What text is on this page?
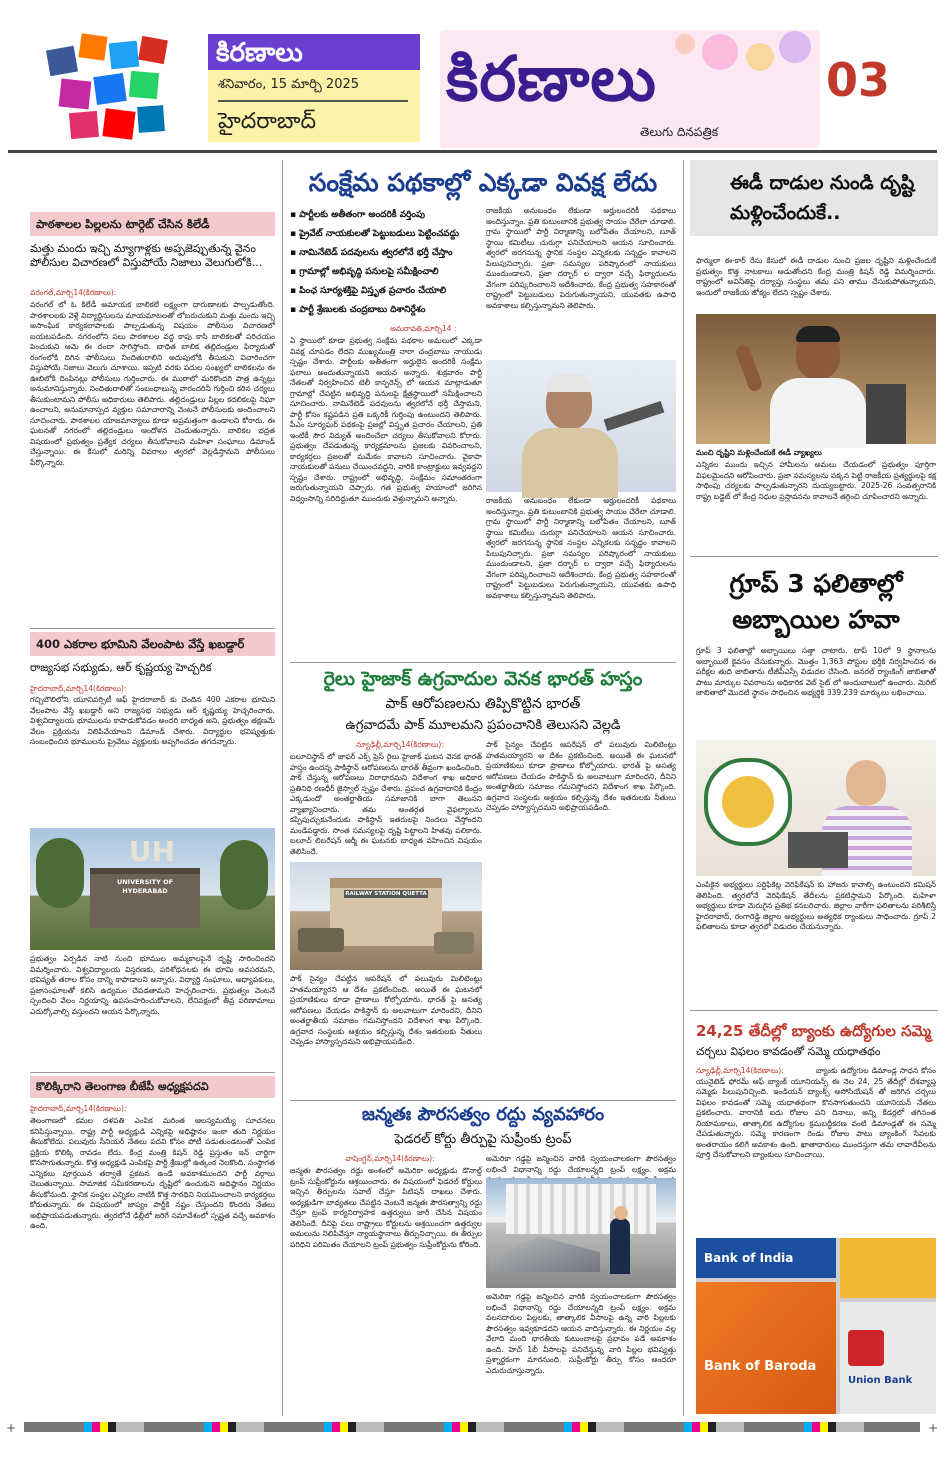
కిరణాలు
శనివారం, 15 మార్చి 2025
హైదరాబాద్
కిరణాలు
తెలుగు దినపత్రిక
03
పాఠశాలల పిల్లలను టార్గెట్ చేసిన కిలేడీ
మత్తు మందు ఇచ్చి మ్యాగాళ్లకు అప్పజెప్పుతున్న వైనం పోలీసుల విచారణలో విస్తుపోయే నిజాలు వెలుగులోకి...
వరంగల్,మార్చి14(కిరణాలు):
వరంగల్ లో ఓ కిలేడీ అమాయక బాలికలే లక్ష్యంగా దారుణాలకు పాల్పడుతోంది. పాఠశాలలకు వెళ్లే విద్యార్థినులను మాయమాటలతో లోబరుచుకుని మత్తు మందు ఇచ్చి అసాంఘిక కార్యకలాపాలకు పాల్పడుతున్న విషయం పోలీసుల విచారణలో బయటపడింది. నగరంలోని పలు పాఠశాలల వద్ద కాపు కాసి బాలికలతో పరిచయం పెంచుకుని ఆమె ఈ దందా సాగిస్తోంది. బాధిత బాలిక తల్లిదండ్రుల ఫిర్యాదుతో రంగంలోకి దిగిన పోలీసులు నిందితురాలిని అదుపులోకి తీసుకుని విచారించగా విస్తుపోయే నిజాలు వెలుగు చూశాయి. ఇప్పటి వరకు పదుల సంఖ్యలో బాలికలను ఈ ఊబిలోకి దింపినట్లు పోలీసులు గుర్తించారు. ఈ ముఠాలో మరికొందరి పాత్ర ఉన్నట్లు అనుమానిస్తున్నారు. నిందితురాలితో సంబంధాలున్న వారందరినీ గుర్తించి కఠిన చర్యలు తీసుకుంటామని పోలీసు అధికారులు తెలిపారు. తల్లిదండ్రులు పిల్లల కదలికలపై నిఘా ఉంచాలని, అనుమానాస్పద వ్యక్తుల సమాచారాన్ని వెంటనే పోలీసులకు అందించాలని సూచించారు. పాఠశాలల యాజమాన్యాలు కూడా అప్రమత్తంగా ఉండాలని కోరారు. ఈ ఘటనతో నగరంలో తల్లిదండ్రులు ఆందోళన చెందుతున్నారు. బాలికల భద్రత విషయంలో ప్రభుత్వం ప్రత్యేక చర్యలు తీసుకోవాలని మహిళా సంఘాలు డిమాండ్ చేస్తున్నాయి. ఈ కేసులో మరిన్ని వివరాలు త్వరలో వెల్లడిస్తామని పోలీసులు పేర్కొన్నారు.
400 ఎకరాల భూమిని వేలంపాట వేస్తే ఖబడ్దార్
రాజ్యసభ సభ్యుడు, ఆర్ కృష్ణయ్య హెచ్చరిక
హైదరాబాద్,మార్చి14(కిరణాలు):
గచ్చిబౌలిలోని యూనివర్సిటీ ఆఫ్ హైదరాబాద్ కు చెందిన 400 ఎకరాల భూమిని వేలంపాట వేస్తే ఖబడ్దార్ అని రాజ్యసభ సభ్యుడు ఆర్ కృష్ణయ్య హెచ్చరించారు. విశ్వవిద్యాలయ భూములను కాపాడుకోవడం అందరి బాధ్యత అని, ప్రభుత్వం తక్షణమే వేలం ప్రక్రియను నిలిపివేయాలని డిమాండ్ చేశారు. విద్యార్థుల భవిష్యత్తుకు సంబంధించిన భూములను ప్రైవేటు వ్యక్తులకు అప్పగించడం తగదన్నారు.
UNIVERSITY OF HYDERABAD
UH
ప్రభుత్వం ఏర్పడిన నాటి నుంచి భూముల అమ్మకాలపైనే దృష్టి సారించిందని విమర్శించారు. విశ్వవిద్యాలయ విస్తరణకు, పరిశోధనలకు ఈ భూమి అవసరమని, భవిష్యత్ తరాల కోసం దాన్ని కాపాడాలని అన్నారు. విద్యార్థి సంఘాలు, అధ్యాపకులు, ప్రజాసంఘాలతో కలిసి ఉద్యమం చేపడతామని హెచ్చరించారు. ప్రభుత్వం వెంటనే స్పందించి వేలం నిర్ణయాన్ని ఉపసంహరించుకోవాలని, లేనిపక్షంలో తీవ్ర పరిణామాలు ఎదుర్కోవాల్సి వస్తుందని ఆయన పేర్కొన్నారు.
కొలిక్కిరాని తెలంగాణ బీజేపీ అధ్యక్షపదవి
హైదరాబాద్,మార్చి14(కిరణాలు):
తెలంగాణలో కమల దళపతి ఎంపిక మరింత ఆలస్యమయ్యే సూచనలు కనిపిస్తున్నాయి. రాష్ట్ర పార్టీ అధ్యక్షుడి ఎన్నికపై అధిష్ఠానం ఇంకా తుది నిర్ణయం తీసుకోలేదు. పలువురు సీనియర్ నేతలు పదవి కోసం పోటీ పడుతుండటంతో ఎంపిక ప్రక్రియ కొలిక్కి రావడం లేదు. కేంద్ర మంత్రి కిషన్ రెడ్డి ప్రస్తుతం ఇన్ చార్జిగా కొనసాగుతున్నారు. కొత్త అధ్యక్షుడి ఎంపికపై పార్టీ శ్రేణుల్లో ఉత్కంఠ నెలకొంది. సంస్థాగత ఎన్నికలు పూర్తయిన తర్వాతే ప్రకటన ఉండే అవకాశముందని పార్టీ వర్గాలు చెబుతున్నాయి. సామాజిక సమీకరణాలను దృష్టిలో ఉంచుకుని అధిష్ఠానం నిర్ణయం తీసుకోనుంది. స్థానిక సంస్థల ఎన్నికల నాటికి కొత్త సారథిని నియమించాలని కార్యకర్తలు కోరుతున్నారు. ఈ విషయంలో జాప్యం పార్టీకి నష్టం చేస్తుందని కొందరు నేతలు అభిప్రాయపడుతున్నారు. త్వరలోనే ఢిల్లీలో జరిగే సమావేశంలో స్పష్టత వచ్చే అవకాశం ఉంది.
సంక్షేమ పథకాల్లో ఎక్కడా వివక్ష లేదు
▪ పార్టీలకు అతీతంగా అందరికీ వర్తింపు
▪ ప్రైవేట్ నాయకులతో పెట్టుబడులు పెట్టించవద్దు
▪ నామినేటెడ్ పదవులను త్వరలోనే భర్తీ చేస్తాం
▪ గ్రామాల్లో అభివృద్ధి పనులపై సమీక్షించాలి
▪ పింఛ సూర్యశక్తిపై విస్తృత ప్రచారం చేయాలి
▪ పార్టీ శ్రేణులకు చంద్రబాబు దిశానిర్దేశం
రాజకీయ అనుబంధం లేకుండా అర్హులందరికీ పథకాలు అందిస్తున్నాం. ప్రతి కుటుంబానికి ప్రభుత్వ సాయం చేరేలా చూడాలి. గ్రామ స్థాయిలో పార్టీ నిర్మాణాన్ని బలోపేతం చేయాలని, బూత్ స్థాయి కమిటీలు చురుగ్గా పనిచేయాలని ఆయన సూచించారు. త్వరలో జరగనున్న స్థానిక సంస్థల ఎన్నికలకు సన్నద్ధం కావాలని పిలుపునిచ్చారు. ప్రజా సమస్యల పరిష్కారంలో నాయకులు ముందుండాలని, ప్రజా దర్బార్ ల ద్వారా వచ్చే ఫిర్యాదులను వేగంగా పరిష్కరించాలని ఆదేశించారు. కేంద్ర ప్రభుత్వ సహకారంతో రాష్ట్రంలో పెట్టుబడులు పెరుగుతున్నాయని, యువతకు ఉపాధి అవకాశాలు కల్పిస్తున్నామని తెలిపారు.
అమరావతి,మార్చి14 :
ఏ స్థాయిలో కూడా ప్రభుత్వ సంక్షేమ పథకాల అమలులో ఎక్కడా వివక్ష చూపడం లేదని ముఖ్యమంత్రి నారా చంద్రబాబు నాయుడు స్పష్టం చేశారు. పార్టీలకు అతీతంగా అర్హులైన అందరికీ సంక్షేమ ఫలాలు అందుతున్నాయని ఆయన అన్నారు. శుక్రవారం పార్టీ నేతలతో నిర్వహించిన టెలీ కాన్ఫరెన్స్ లో ఆయన మాట్లాడుతూ గ్రామాల్లో చేపట్టిన అభివృద్ధి పనులపై క్షేత్రస్థాయిలో సమీక్షించాలని సూచించారు. నామినేటెడ్ పదవులను త్వరలోనే భర్తీ చేస్తామని, పార్టీ కోసం కష్టపడిన ప్రతి ఒక్కరికీ గుర్తింపు ఉంటుందని తెలిపారు. పీఎం సూర్యఘర్ పథకంపై ప్రజల్లో విస్తృత ప్రచారం చేయాలని, ప్రతి ఇంటికీ సౌర విద్యుత్ అందించేలా చర్యలు తీసుకోవాలని కోరారు. ప్రభుత్వం చేపడుతున్న కార్యక్రమాలను ప్రజలకు వివరించాలని, కార్యకర్తలు ప్రజలతో మమేకం కావాలని సూచించారు. వైకాపా నాయకులతో పనులు చేయించవద్దని, వారికి కాంట్రాక్టులు ఇవ్వవద్దని స్పష్టం చేశారు. రాష్ట్రంలో అభివృద్ధి, సంక్షేమం సమాంతరంగా జరుగుతున్నాయని చెప్పారు. గత ప్రభుత్వ హయాంలో జరిగిన విధ్వంసాన్ని సరిదిద్దుతూ ముందుకు వెళ్తున్నామని అన్నారు.	రాజకీయ అనుబంధం లేకుండా అర్హులందరికీ పథకాలు అందిస్తున్నాం. ప్రతి కుటుంబానికి ప్రభుత్వ సాయం చేరేలా చూడాలి. గ్రామ స్థాయిలో పార్టీ నిర్మాణాన్ని బలోపేతం చేయాలని, బూత్ స్థాయి కమిటీలు చురుగ్గా పనిచేయాలని ఆయన సూచించారు. త్వరలో జరగనున్న స్థానిక సంస్థల ఎన్నికలకు సన్నద్ధం కావాలని పిలుపునిచ్చారు. ప్రజా సమస్యల పరిష్కారంలో నాయకులు ముందుండాలని, ప్రజా దర్బార్ ల ద్వారా వచ్చే ఫిర్యాదులను వేగంగా పరిష్కరించాలని ఆదేశించారు. కేంద్ర ప్రభుత్వ సహకారంతో రాష్ట్రంలో పెట్టుబడులు పెరుగుతున్నాయని, యువతకు ఉపాధి అవకాశాలు కల్పిస్తున్నామని తెలిపారు.
రైలు హైజాక్ ఉగ్రవాదుల వెనక భారత్ హస్తం
పాక్ ఆరోపణలను తిప్పికొట్టిన భారత్
ఉగ్రవాదమే పాక్ మూలమని ప్రపంచానికి తెలుసని వెల్లడి
న్యూఢిల్లీ,మార్చి14(కిరణాలు):
బలూచిస్థాన్ లో జాఫర్ ఎక్స్ ప్రెస్ రైలు హైజాక్ ఘటన వెనక భారత్ హస్తం ఉందన్న పాకిస్థాన్ ఆరోపణలను భారత్ తీవ్రంగా ఖండించింది. పాక్ చేస్తున్న ఆరోపణలు నిరాధారమని విదేశాంగ శాఖ అధికార ప్రతినిధి రణధీర్ జైస్వాల్ స్పష్టం చేశారు. ప్రపంచ ఉగ్రవాదానికి కేంద్రం ఎక్కడుందో అంతర్జాతీయ సమాజానికి బాగా తెలుసని వ్యాఖ్యానించారు. తమ అంతర్గత వైఫల్యాలను కప్పిపుచ్చుకునేందుకు పాకిస్థాన్ ఇతరులపై నిందలు వేస్తోందని మండిపడ్డారు. సొంత సమస్యలపై దృష్టి పెట్టాలని హితవు పలికారు. బలూచ్ లిబరేషన్ ఆర్మీ ఈ ఘటనకు బాధ్యత వహించిన విషయం తెలిసిందే.
పాక్ సైన్యం చేపట్టిన ఆపరేషన్ లో పలువురు మిలిటెంట్లు హతమయ్యారని ఆ దేశం ప్రకటించింది. అయితే ఈ ఘటనలో ప్రయాణికులు కూడా ప్రాణాలు కోల్పోయారు. భారత్ పై అసత్య ఆరోపణలు చేయడం పాకిస్థాన్ కు అలవాటుగా మారిందని, దీనిని అంతర్జాతీయ సమాజం గమనిస్తోందని విదేశాంగ శాఖ పేర్కొంది. ఉగ్రవాద సంస్థలకు ఆశ్రయం కల్పిస్తున్న దేశం ఇతరులకు నీతులు చెప్పడం హాస్యాస్పదమని అభిప్రాయపడింది.
RAILWAY STATION QUETTA
పాక్ సైన్యం చేపట్టిన ఆపరేషన్ లో పలువురు మిలిటెంట్లు హతమయ్యారని ఆ దేశం ప్రకటించింది. అయితే ఈ ఘటనలో ప్రయాణికులు కూడా ప్రాణాలు కోల్పోయారు. భారత్ పై అసత్య ఆరోపణలు చేయడం పాకిస్థాన్ కు అలవాటుగా మారిందని, దీనిని అంతర్జాతీయ సమాజం గమనిస్తోందని విదేశాంగ శాఖ పేర్కొంది. ఉగ్రవాద సంస్థలకు ఆశ్రయం కల్పిస్తున్న దేశం ఇతరులకు నీతులు చెప్పడం హాస్యాస్పదమని అభిప్రాయపడింది.
జన్మతః పౌరసత్వం రద్దు వ్యవహారం
ఫెడరల్ కోర్టు తీర్పుపై సుప్రీంకు ట్రంప్
వాషింగ్టన్,మార్చి14(కిరణాలు):
జన్మతః పౌరసత్వం రద్దు అంశంలో అమెరికా అధ్యక్షుడు డొనాల్డ్ ట్రంప్ సుప్రీంకోర్టును ఆశ్రయించారు. ఈ విషయంలో ఫెడరల్ కోర్టులు ఇచ్చిన తీర్పులను సవాల్ చేస్తూ పిటిషన్ దాఖలు చేశారు. అధ్యక్షుడిగా బాధ్యతలు చేపట్టిన వెంటనే జన్మతః పౌరసత్వాన్ని రద్దు చేస్తూ ట్రంప్ కార్యనిర్వాహక ఉత్తర్వులు జారీ చేసిన విషయం తెలిసిందే. దీనిపై పలు రాష్ట్రాలు కోర్టులను ఆశ్రయించగా ఉత్తర్వుల అమలును నిలిపివేస్తూ న్యాయస్థానాలు తీర్పునిచ్చాయి. ఈ తీర్పుల పరిధిని పరిమితం చేయాలని ట్రంప్ ప్రభుత్వం సుప్రీంకోర్టును కోరింది.
అమెరికా గడ్డపై జన్మించిన వారికి స్వయంచాలకంగా పౌరసత్వం లభించే విధానాన్ని రద్దు చేయాలన్నది ట్రంప్ లక్ష్యం. అక్రమ
అమెరికా గడ్డపై జన్మించిన వారికి స్వయంచాలకంగా పౌరసత్వం లభించే విధానాన్ని రద్దు చేయాలన్నది ట్రంప్ లక్ష్యం. అక్రమ వలసదారుల పిల్లలకు, తాత్కాలిక వీసాలపై ఉన్న వారి పిల్లలకు పౌరసత్వం ఇవ్వకూడదని ఆయన వాదిస్తున్నారు. ఈ నిర్ణయం వల్ల వేలాది మంది భారతీయ కుటుంబాలపై ప్రభావం పడే అవకాశం ఉంది. హెచ్ 1బీ వీసాలపై పనిచేస్తున్న వారి పిల్లల భవిష్యత్తు ప్రశ్నార్థకంగా మారనుంది. సుప్రీంకోర్టు తీర్పు కోసం అందరూ ఎదురుచూస్తున్నారు.
ఈడీ దాడుల నుండి దృష్టి మళ్లించేందుకే..
ఫార్ములా ఈ-కార్ రేసు కేసులో ఈడీ దాడుల నుంచి ప్రజల దృష్టిని మళ్లించేందుకే ప్రభుత్వం కొత్త నాటకాలు ఆడుతోందని కేంద్ర మంత్రి కిషన్ రెడ్డి విమర్శించారు. రాష్ట్రంలో అవినీతిపై దర్యాప్తు సంస్థలు తమ పని తాము చేసుకుపోతున్నాయని, ఇందులో రాజకీయ జోక్యం లేదని స్పష్టం చేశారు.
మంచి దృష్టిని మళ్లించేందుకే ఈడీ వ్యాఖ్యలు
ఎన్నికల ముందు ఇచ్చిన హామీలను అమలు చేయడంలో ప్రభుత్వం పూర్తిగా విఫలమైందని ఆరోపించారు. ప్రజా సమస్యలను పక్కన పెట్టి రాజకీయ ప్రత్యర్థులపై కక్ష సాధింపు చర్యలకు పాల్పడుతున్నారని దుయ్యబట్టారు. 2025-26 సంవత్సరానికి రాష్ట్ర బడ్జెట్ లో కేంద్ర నిధుల ప్రస్తావనను కావాలనే తగ్గించి చూపించారని అన్నారు.
గ్రూప్ 3 ఫలితాల్లో అబ్బాయిల హవా
గ్రూప్ 3 ఫలితాల్లో అబ్బాయిలు సత్తా చాటారు. టాప్ 10లో 9 స్థానాలను అబ్బాయిలే కైవసం చేసుకున్నారు. మొత్తం 1,363 పోస్టుల భర్తీకి నిర్వహించిన ఈ పరీక్షల తుది జాబితాను టీజీపీఎస్సీ విడుదల చేసింది. జనరల్ ర్యాంకింగ్ జాబితాతో పాటు మార్కుల వివరాలను అధికారిక వెబ్ సైట్ లో అందుబాటులో ఉంచారు. మెరిట్ జాబితాలో మొదటి స్థానం సాధించిన అభ్యర్థికి 339.239 మార్కులు లభించాయి.
ఎంపికైన అభ్యర్థులు సర్టిఫికెట్ల వెరిఫికేషన్ కు హాజరు కావాల్సి ఉంటుందని కమిషన్ తెలిపింది. త్వరలోనే వెరిఫికేషన్ తేదీలను ప్రకటిస్తామని పేర్కొంది. మహిళా అభ్యర్థులు కూడా మెరుగైన ప్రతిభ కనబరిచారు. జిల్లాల వారీగా ఫలితాలను పరిశీలిస్తే హైదరాబాద్, రంగారెడ్డి జిల్లాల అభ్యర్థులు అత్యధిక ర్యాంకులు సాధించారు. గ్రూప్ 2 ఫలితాలను కూడా త్వరలో విడుదల చేయనున్నారు.
24,25 తేదీల్లో బ్యాంకు ఉద్యోగుల సమ్మె
చర్చలు విఫలం కావడంతో సమ్మె యధాతథం
న్యూఢిల్లీ,మార్చి14(కిరణాలు):	బ్యాంకు ఉద్యోగుల డిమాండ్ల సాధన కోసం యునైటెడ్ ఫోరమ్ ఆఫ్ బ్యాంక్ యూనియన్స్ ఈ నెల 24, 25 తేదీల్లో దేశవ్యాప్త సమ్మెకు పిలుపునిచ్చింది. ఇండియన్ బ్యాంక్స్ అసోసియేషన్ తో జరిగిన చర్చలు విఫలం కావడంతో సమ్మె యధాతథంగా కొనసాగుతుందని యూనియన్ నేతలు ప్రకటించారు. వారానికి ఐదు రోజుల పని దినాలు, అన్ని కేడర్లలో తగినంత నియామకాలు, తాత్కాలిక ఉద్యోగుల క్రమబద్ధీకరణ వంటి డిమాండ్లతో ఈ సమ్మె చేపడుతున్నారు. సమ్మె కారణంగా రెండు రోజుల పాటు బ్యాంకింగ్ సేవలకు అంతరాయం కలిగే అవకాశం ఉంది. ఖాతాదారులు ముందస్తుగా తమ లావాదేవీలను పూర్తి చేసుకోవాలని బ్యాంకులు సూచించాయి.
Bank of India
Bank of Baroda
Union Bank
+	+
